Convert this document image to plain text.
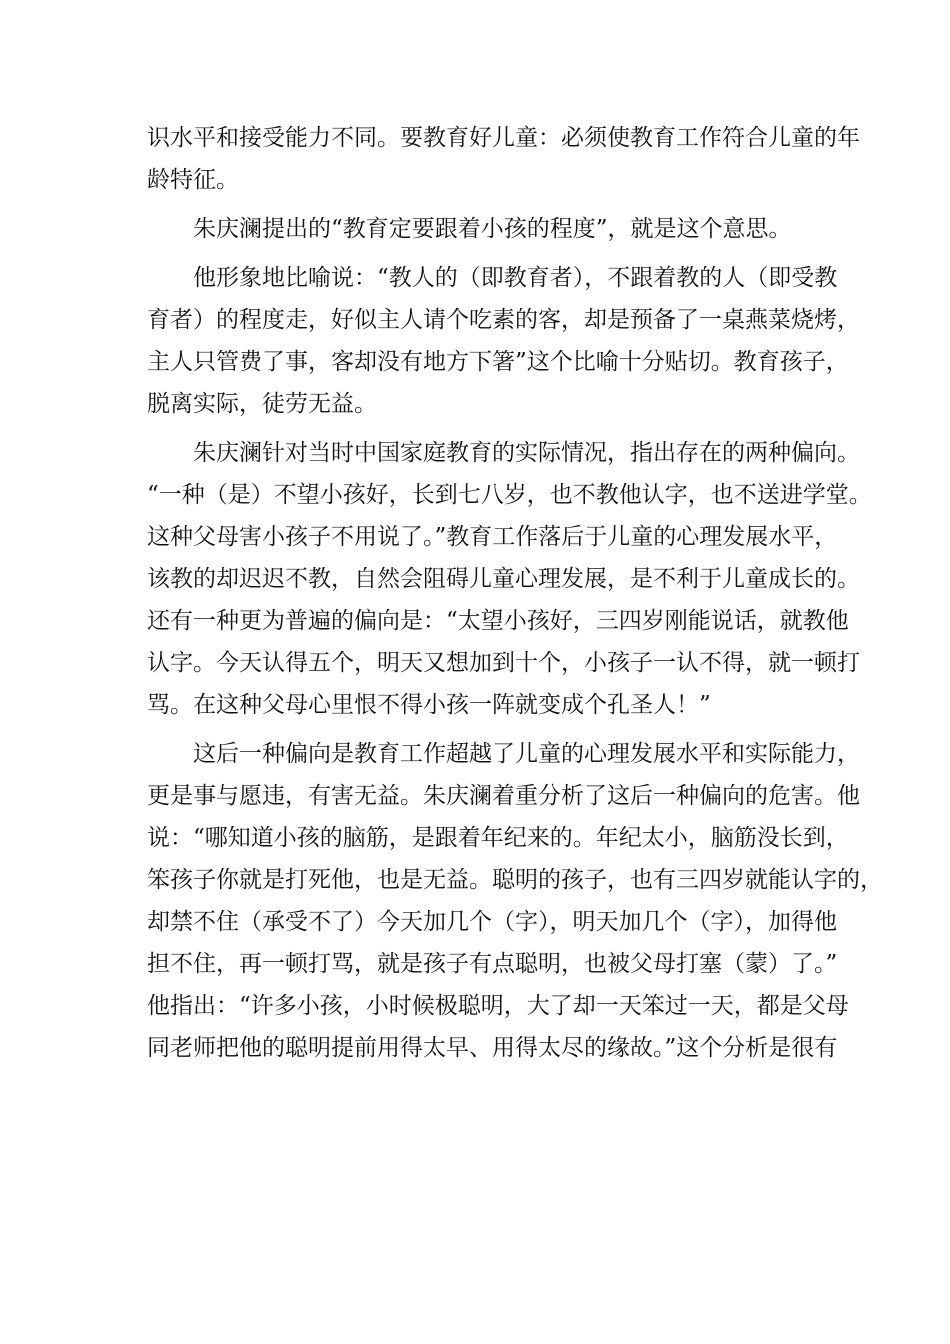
识水平和接受能力不同。要教育好儿童：必须使教育工作符合儿童的年
龄特征。
朱庆澜提出的“教育定要跟着小孩的程度”，就是这个意思。
他形象地比喻说：“教人的（即教育者），不跟着教的人（即受教
育者）的程度走，好似主人请个吃素的客，却是预备了一桌燕菜烧烤，
主人只管费了事，客却没有地方下箸”这个比喻十分贴切。教育孩子，
脱离实际，徒劳无益。
朱庆澜针对当时中国家庭教育的实际情况，指出存在的两种偏向。
“一种（是）不望小孩好，长到七八岁，也不教他认字，也不送进学堂。
这种父母害小孩子不用说了。”教育工作落后于儿童的心理发展水平，
该教的却迟迟不教，自然会阻碍儿童心理发展，是不利于儿童成长的。
还有一种更为普遍的偏向是：“太望小孩好，三四岁刚能说话，就教他
认字。今天认得五个，明天又想加到十个，小孩子一认不得，就一顿打
骂。在这种父母心里恨不得小孩一阵就变成个孔圣人！”
这后一种偏向是教育工作超越了儿童的心理发展水平和实际能力，
更是事与愿违，有害无益。朱庆澜着重分析了这后一种偏向的危害。他
说：“哪知道小孩的脑筋，是跟着年纪来的。年纪太小，脑筋没长到，
笨孩子你就是打死他，也是无益。聪明的孩子，也有三四岁就能认字的，
却禁不住（承受不了）今天加几个（字），明天加几个（字），加得他
担不住，再一顿打骂，就是孩子有点聪明，也被父母打塞（蒙）了。”
他指出：“许多小孩，小时候极聪明，大了却一天笨过一天，都是父母
同老师把他的聪明提前用得太早、用得太尽的缘故。”这个分析是很有
